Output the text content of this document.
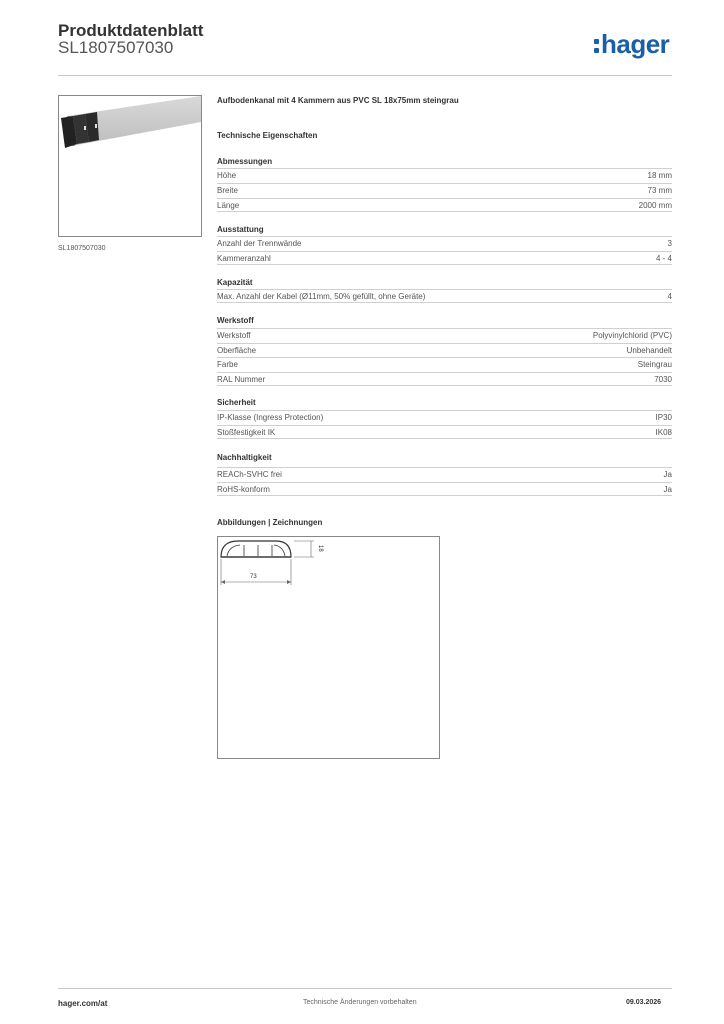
Produktdatenblatt
SL1807507030	hager
SL1807507030
Aufbodenkanal mit 4 Kammern aus PVC SL 18x75mm steingrau
Technische Eigenschaften
Abmessungen
Höhe	18 mm
Breite	73 mm
Länge	2000 mm
Ausstattung
Anzahl der Trennwände	3
Kammeranzahl	4 - 4
Kapazität
Max. Anzahl der Kabel (Ø11mm, 50% gefüllt, ohne Geräte)	4
Werkstoff
Werkstoff	Polyvinylchlorid (PVC)
Oberfläche	Unbehandelt
Farbe	Steingrau
RAL Nummer	7030
Sicherheit
IP-Klasse (Ingress Protection)	IP30
Stoßfestigkeit IK	IK08
Nachhaltigkeit
REACh-SVHC frei	Ja
RoHS-konform	Ja
Abbildungen | Zeichnungen
73
18
hager.com/at	Technische Änderungen vorbehalten	09.03.2026
